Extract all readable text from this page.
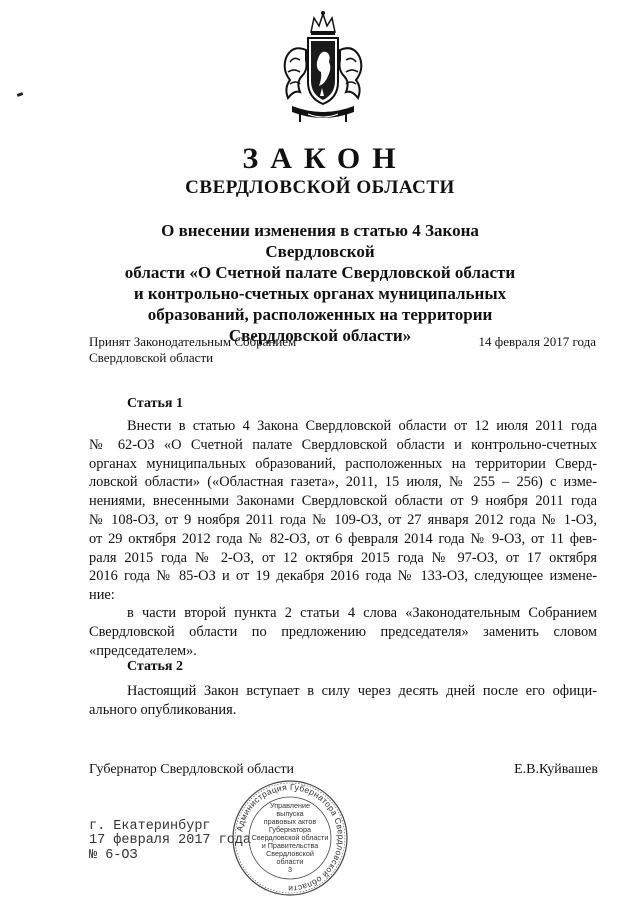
ЗАКОН
СВЕРДЛОВСКОЙ ОБЛАСТИ
О внесении изменения в статью 4 Закона Свердловской
области «О Счетной палате Свердловской области
и контрольно-счетных органах муниципальных
образований, расположенных на территории
Свердловской области»
Принят Законодательным Собранием
Свердловской области
14 февраля 2017 года
Статья 1
Внести в статью 4 Закона Свердловской области от 12 июля 2011 года
№ 62-ОЗ «О Счетной палате Свердловской области и контрольно-счетных
органах муниципальных образований, расположенных на территории Сверд-
ловской области» («Областная газета», 2011, 15 июля, № 255 – 256) с изме-
нениями, внесенными Законами Свердловской области от 9 ноября 2011 года
№ 108-ОЗ, от 9 ноября 2011 года № 109-ОЗ, от 27 января 2012 года № 1-ОЗ,
от 29 октября 2012 года № 82-ОЗ, от 6 февраля 2014 года № 9-ОЗ, от 11 фев-
раля 2015 года № 2-ОЗ, от 12 октября 2015 года № 97-ОЗ, от 17 октября
2016 года № 85-ОЗ и от 19 декабря 2016 года № 133-ОЗ, следующее измене-
ние:
в части второй пункта 2 статьи 4 слова «Законодательным Собранием
Свердловской области по предложению председателя» заменить словом
«председателем».
Статья 2
Настоящий Закон вступает в силу через десять дней после его офици-
ального опубликования.
Губернатор Свердловской области	Е.В.Куйвашев
г. Екатеринбург
17 февраля 2017 года
№ 6-ОЗ
Администрация Губернатора Свердловской области
Управление
выпуска
правовых актов
Губернатора
Свердловской области
и Правительства
Свердловской
области
3
